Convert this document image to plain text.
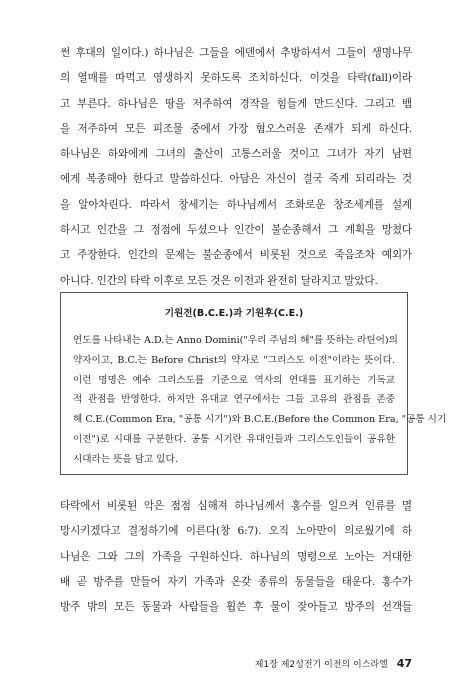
썬 후대의 일이다.) 하나님은 그들을 에덴에서 추방하셔서 그들이 생명나무
의 열매를 따먹고 영생하지 못하도록 조치하신다. 이것을 타락(fall)이라
고 부른다. 하나님은 땅을 저주하여 경작을 힘들게 만드신다. 그리고 뱀
을 저주하여 모든 피조물 중에서 가장 혐오스러운 존재가 되게 하신다.
하나님은 하와에게 그녀의 출산이 고통스러울 것이고 그녀가 자기 남편
에게 복종해야 한다고 말씀하신다. 아담은 자신이 결국 죽게 되리라는 것
을 알아차린다. 따라서 창세기는 하나님께서 조화로운 창조세계를 설계
하시고 인간을 그 정점에 두셨으나 인간이 불순종해서 그 계획을 망쳤다
고 주장한다. 인간의 문제는 불순종에서 비롯된 것으로 죽음조차 예외가
아니다. 인간의 타락 이후로 모든 것은 이전과 완전히 달라지고 말았다.
기원전(B.C.E.)과 기원후(C.E.)
연도를 나타내는 A.D.는 Anno Domini("우리 주님의 해"를 뜻하는 라틴어)의
약자이고, B.C.는 Before Christ의 약자로 "그리스도 이전"이라는 뜻이다.
이런 명명은 예수 그리스도를 기준으로 역사의 연대를 표기하는 기독교
적 관점을 반영한다. 하지만 유대교 연구에서는 그들 고유의 관점을 존중
해 C.E.(Common Era, "공통 시기")와 B.C.E.(Before the Common Era, "공통 시기
이전")로 시대를 구분한다. 공통 시기란 유대인들과 그리스도인들이 공유한
시대라는 뜻을 담고 있다.
타락에서 비롯된 악은 점점 심해져 하나님께서 홍수를 일으켜 인류를 멸
망시키겠다고 결정하기에 이른다(창 6:7). 오직 노아만이 의로웠기에 하
나님은 그와 그의 가족을 구원하신다. 하나님의 명령으로 노아는 거대한
배 곧 방주를 만들어 자기 가족과 온갖 종류의 동물들을 태운다. 홍수가
방주 밖의 모든 동물과 사람들을 휩쓴 후 물이 잦아들고 방주의 선객들
제1장 제2성전기 이전의 이스라엘 47
